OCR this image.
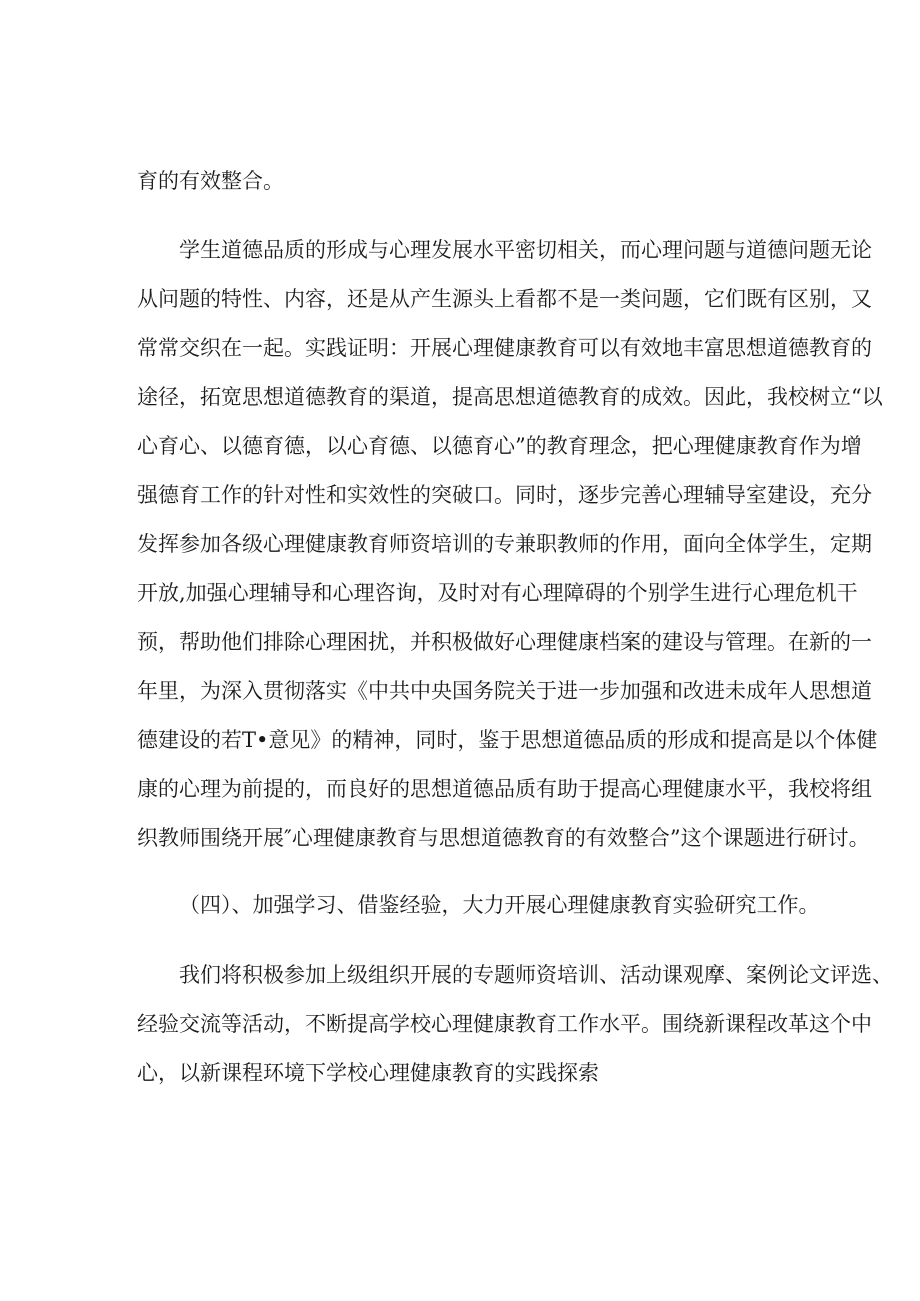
育的有效整合。
学生道德品质的形成与心理发展水平密切相关，而心理问题与道德问题无论
从问题的特性、内容，还是从产生源头上看都不是一类问题，它们既有区别，又
常常交织在一起。实践证明：开展心理健康教育可以有效地丰富思想道德教育的
途径，拓宽思想道德教育的渠道，提高思想道德教育的成效。因此，我校树立“以
心育心、以德育德，以心育德、以德育心”的教育理念，把心理健康教育作为增
强德育工作的针对性和实效性的突破口。同时，逐步完善心理辅导室建设，充分
发挥参加各级心理健康教育师资培训的专兼职教师的作用，面向全体学生，定期
开放,加强心理辅导和心理咨询，及时对有心理障碍的个别学生进行心理危机干
预，帮助他们排除心理困扰，并积极做好心理健康档案的建设与管理。在新的一
年里，为深入贯彻落实《中共中央国务院关于进一步加强和改进未成年人思想道
德建设的若T•意见》的精神，同时，鉴于思想道德品质的形成和提高是以个体健
康的心理为前提的，而良好的思想道德品质有助于提高心理健康水平，我校将组
织教师围绕开展″心理健康教育与思想道德教育的有效整合”这个课题进行研讨。
（四）、加强学习、借鉴经验，大力开展心理健康教育实验研究工作。
我们将积极参加上级组织开展的专题师资培训、活动课观摩、案例论文评选、
经验交流等活动，不断提高学校心理健康教育工作水平。围绕新课程改革这个中
心，以新课程环境下学校心理健康教育的实践探索
